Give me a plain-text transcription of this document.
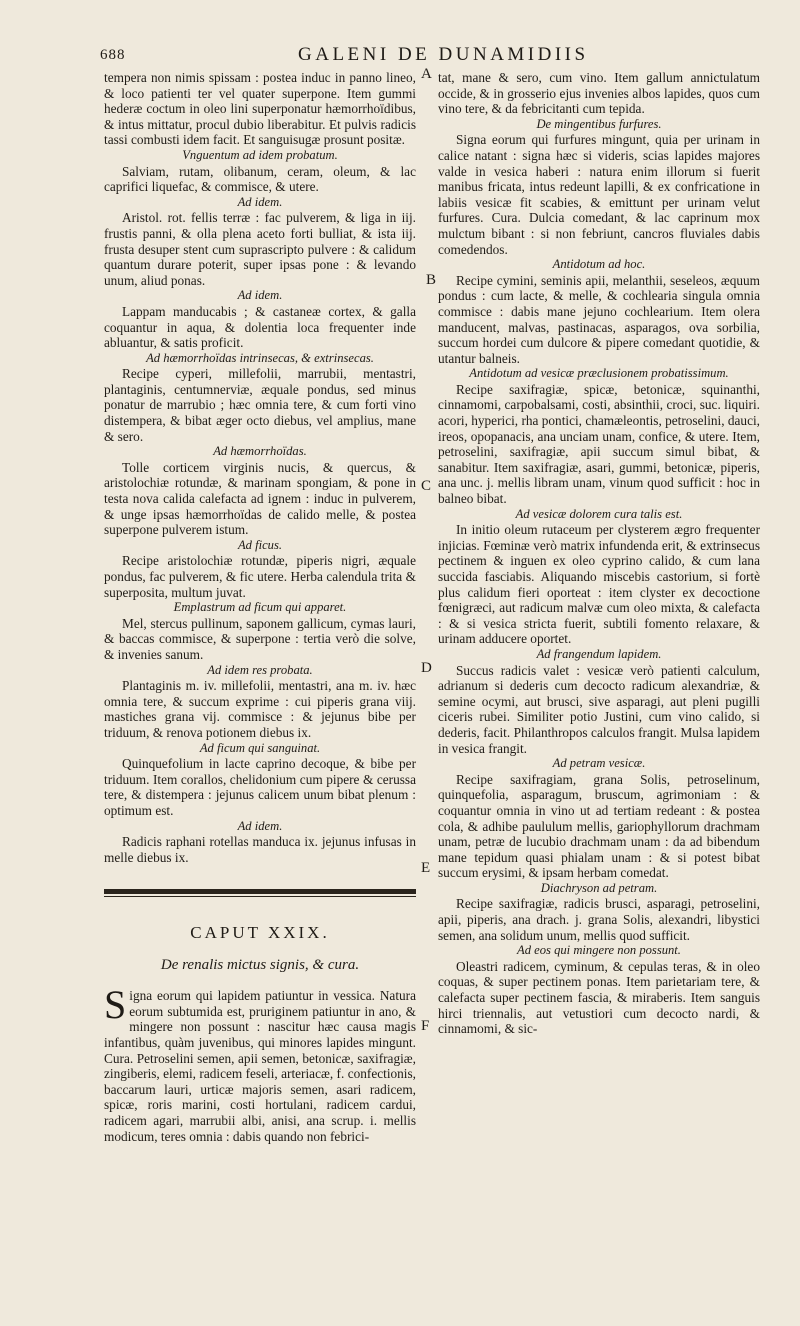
688	GALENI DE DUNAMIDIIS
A
B
C
D
E
F

tempera non nimis spissam : postea induc in panno lineo, & loco patienti ter vel quater superpone. Item gummi hederæ coctum in oleo lini superponatur hæmorrhoïdibus, & intus mittatur, procul dubio liberabitur. Et pulvis radicis tassi combusti idem facit. Et sanguisugæ prosunt positæ.

Vnguentum ad idem probatum.

Salviam, rutam, olibanum, ceram, oleum, & lac caprifici liquefac, & commisce, & utere.

Ad idem.

Aristol. rot. fellis terræ : fac pulverem, & liga in iij. frustis panni, & olla plena aceto forti bulliat, & ista iij. frusta desuper stent cum suprascripto pulvere : & calidum quantum durare poterit, super ipsas pone : & levando unum, aliud ponas.

Ad idem.

Lappam manducabis ; & castaneæ cortex, & galla coquantur in aqua, & dolentia loca frequenter inde abluantur, & satis proficit.

Ad hæmorrhoïdas intrinsecas, & extrinsecas.

Recipe cyperi, millefolii, marrubii, mentastri, plantaginis, centumnerviæ, æquale pondus, sed minus ponatur de marrubio ; hæc omnia tere, & cum forti vino distempera, & bibat æger octo diebus, vel amplius, mane & sero.

Ad hæmorrhoïdas.

Tolle corticem virginis nucis, & quercus, & aristolochiæ rotundæ, & marinam spongiam, & pone in testa nova calida calefacta ad ignem : induc in pulverem, & unge ipsas hæmorrhoïdas de calido melle, & postea superpone pulverem istum.

Ad ficus.

Recipe aristolochiæ rotundæ, piperis nigri, æquale pondus, fac pulverem, & fic utere. Herba calendula trita & superposita, multum juvat.

Emplastrum ad ficum qui apparet.

Mel, stercus pullinum, saponem gallicum, cymas lauri, & baccas commisce, & superpone : tertia verò die solve, & invenies sanum.

Ad idem res probata.

Plantaginis m. iv. millefolii, mentastri, ana m. iv. hæc omnia tere, & succum exprime : cui piperis grana viij. mastiches grana vij. commisce : & jejunus bibe per triduum, & renova potionem diebus ix.

Ad ficum qui sanguinat.

Quinquefolium in lacte caprino decoque, & bibe per triduum. Item corallos, chelidonium cum pipere & cerussa tere, & distempera : jejunus calicem unum bibat plenum : optimum est.

Ad idem.

Radicis raphani rotellas manduca ix. jejunus infusas in melle diebus ix.

CAPUT XXIX.
De renalis mictus signis, & cura.

Signa eorum qui lapidem patiuntur in vessica. Natura eorum subtumida est, pruriginem patiuntur in ano, & mingere non possunt : nascitur hæc causa magis infantibus, quàm juvenibus, qui minores lapides mingunt. Cura. Petroselini semen, apii semen, betonicæ, saxifragiæ, zingiberis, elemi, radicem feseli, arteriacæ, f. confectionis, baccarum lauri, urticæ majoris semen, asari radicem, spicæ, roris marini, costi hortulani, radicem cardui, radicem agari, marrubii albi, anisi, ana scrup. i. mellis modicum, teres omnia : dabis quando non febrici-

tat, mane & sero, cum vino. Item gallum annictulatum occide, & in grosserio ejus invenies albos lapides, quos cum vino tere, & da febricitanti cum tepida.

De mingentibus furfures.

Signa eorum qui furfures mingunt, quia per urinam in calice natant : signa hæc si videris, scias lapides majores valde in vesica haberi : natura enim illorum si fuerit manibus fricata, intus redeunt lapilli, & ex confricatione in labiis vesicæ fit scabies, & emittunt per urinam velut furfures. Cura. Dulcia comedant, & lac caprinum mox mulctum bibant : si non febriunt, cancros fluviales dabis comedendos.

Antidotum ad hoc.

Recipe cymini, seminis apii, melanthii, seseleos, æquum pondus : cum lacte, & melle, & cochlearia singula omnia commisce : dabis mane jejuno cochlearium. Item olera manducent, malvas, pastinacas, asparagos, ova sorbilia, succum hordei cum dulcore & pipere comedant quotidie, & utantur balneis.

Antidotum ad vesicæ præclusionem probatissimum.

Recipe saxifragiæ, spicæ, betonicæ, squinanthi, cinnamomi, carpobalsami, costi, absinthii, croci, suc. liquiri. acori, hyperici, rha pontici, chamæleontis, petroselini, dauci, ireos, opopanacis, ana unciam unam, confice, & utere. Item, petroselini, saxifragiæ, apii succum simul bibat, & sanabitur. Item saxifragiæ, asari, gummi, betonicæ, piperis, ana unc. j. mellis libram unam, vinum quod sufficit : hoc in balneo bibat.

Ad vesicæ dolorem cura talis est.

In initio oleum rutaceum per clysterem ægro frequenter injicias. Fœminæ verò matrix infundenda erit, & extrinsecus pectinem & inguen ex oleo cyprino calido, & cum lana succida fasciabis. Aliquando miscebis castorium, si fortè plus calidum fieri oporteat : item clyster ex decoctione fœnigræci, aut radicum malvæ cum oleo mixta, & calefacta : & si vesica stricta fuerit, subtili fomento relaxare, & urinam adducere oportet.

Ad frangendum lapidem.

Succus radicis valet : vesicæ verò patienti calculum, adrianum si dederis cum decocto radicum alexandriæ, & semine ocymi, aut brusci, sive asparagi, aut pleni pugilli ciceris rubei. Similiter potio Justini, cum vino calido, si dederis, facit. Philanthropos calculos frangit. Mulsa lapidem in vesica frangit.

Ad petram vesicæ.

Recipe saxifragiam, grana Solis, petroselinum, quinquefolia, asparagum, bruscum, agrimoniam : & coquantur omnia in vino ut ad tertiam redeant : & postea cola, & adhibe paululum mellis, gariophyllorum drachmam unam, petræ de lucubio drachmam unam : da ad bibendum mane tepidum quasi phialam unam : & si potest bibat succum erysimi, & ipsam herbam comedat.

Diachryson ad petram.

Recipe saxifragiæ, radicis brusci, asparagi, petroselini, apii, piperis, ana drach. j. grana Solis, alexandri, libystici semen, ana solidum unum, mellis quod sufficit.

Ad eos qui mingere non possunt.

Oleastri radicem, cyminum, & cepulas teras, & in oleo coquas, & super pectinem ponas. Item parietariam tere, & calefacta super pectinem fascia, & miraberis. Item sanguis hirci triennalis, aut vetustiori cum decocto nardi, & cinnamomi, & sic-
